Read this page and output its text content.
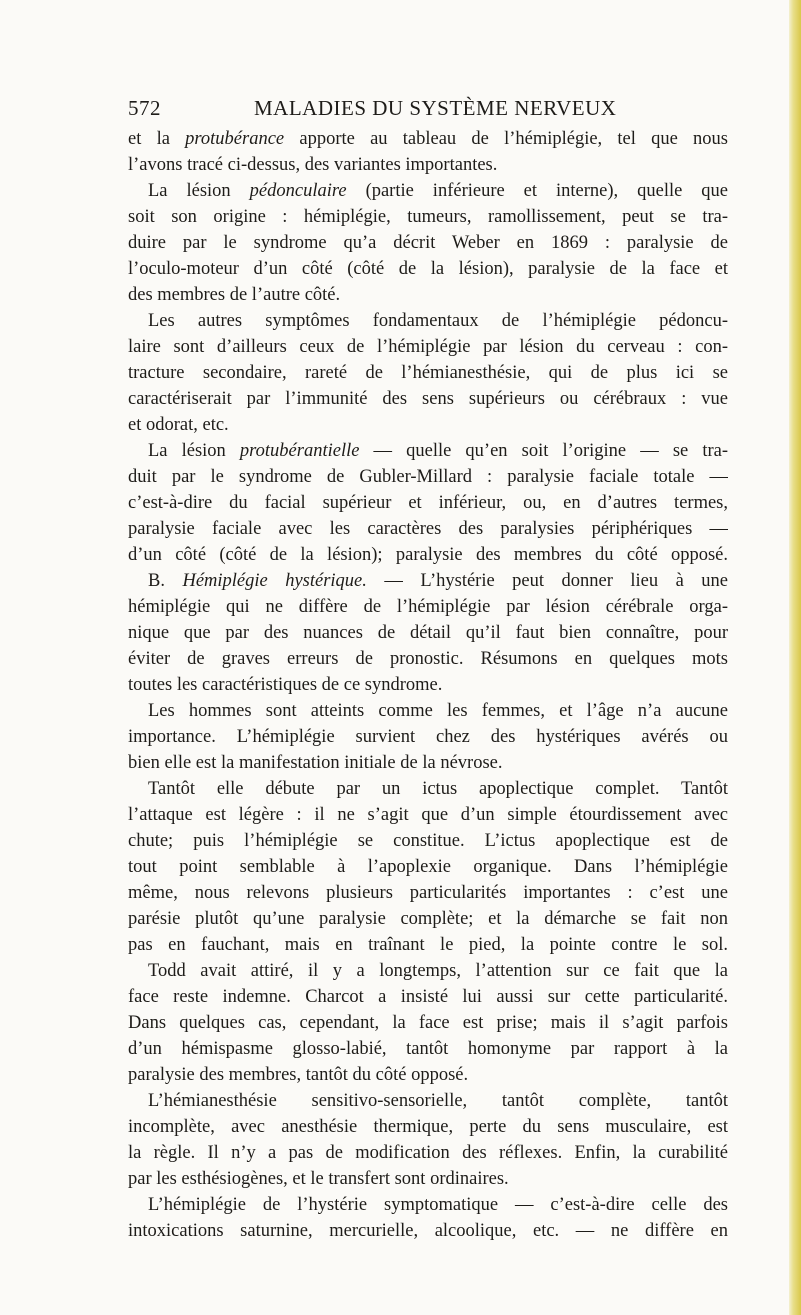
572	MALADIES DU SYSTÈME NERVEUX
et la protubérance apporte au tableau de l’hémiplégie, tel que nous
l’avons tracé ci-dessus, des variantes importantes.
La lésion pédonculaire (partie inférieure et interne), quelle que
soit son origine : hémiplégie, tumeurs, ramollissement, peut se tra-
duire par le syndrome qu’a décrit Weber en 1869 : paralysie de
l’oculo-moteur d’un côté (côté de la lésion), paralysie de la face et
des membres de l’autre côté.
Les autres symptômes fondamentaux de l’hémiplégie pédoncu-
laire sont d’ailleurs ceux de l’hémiplégie par lésion du cerveau : con-
tracture secondaire, rareté de l’hémianesthésie, qui de plus ici se
caractériserait par l’immunité des sens supérieurs ou cérébraux : vue
et odorat, etc.
La lésion protubérantielle — quelle qu’en soit l’origine — se tra-
duit par le syndrome de Gubler-Millard : paralysie faciale totale —
c’est-à-dire du facial supérieur et inférieur, ou, en d’autres termes,
paralysie faciale avec les caractères des paralysies périphériques —
d’un côté (côté de la lésion); paralysie des membres du côté opposé.
B. Hémiplégie hystérique. — L’hystérie peut donner lieu à une
hémiplégie qui ne diffère de l’hémiplégie par lésion cérébrale orga-
nique que par des nuances de détail qu’il faut bien connaître, pour
éviter de graves erreurs de pronostic. Résumons en quelques mots
toutes les caractéristiques de ce syndrome.
Les hommes sont atteints comme les femmes, et l’âge n’a aucune
importance. L’hémiplégie survient chez des hystériques avérés ou
bien elle est la manifestation initiale de la névrose.
Tantôt elle débute par un ictus apoplectique complet. Tantôt
l’attaque est légère : il ne s’agit que d’un simple étourdissement avec
chute; puis l’hémiplégie se constitue. L’ictus apoplectique est de
tout point semblable à l’apoplexie organique. Dans l’hémiplégie
même, nous relevons plusieurs particularités importantes : c’est une
parésie plutôt qu’une paralysie complète; et la démarche se fait non
pas en fauchant, mais en traînant le pied, la pointe contre le sol.
Todd avait attiré, il y a longtemps, l’attention sur ce fait que la
face reste indemne. Charcot a insisté lui aussi sur cette particularité.
Dans quelques cas, cependant, la face est prise; mais il s’agit parfois
d’un hémispasme glosso-labié, tantôt homonyme par rapport à la
paralysie des membres, tantôt du côté opposé.
L’hémianesthésie sensitivo-sensorielle, tantôt complète, tantôt
incomplète, avec anesthésie thermique, perte du sens musculaire, est
la règle. Il n’y a pas de modification des réflexes. Enfin, la curabilité
par les esthésiogènes, et le transfert sont ordinaires.
L’hémiplégie de l’hystérie symptomatique — c’est-à-dire celle des
intoxications saturnine, mercurielle, alcoolique, etc. — ne diffère en
